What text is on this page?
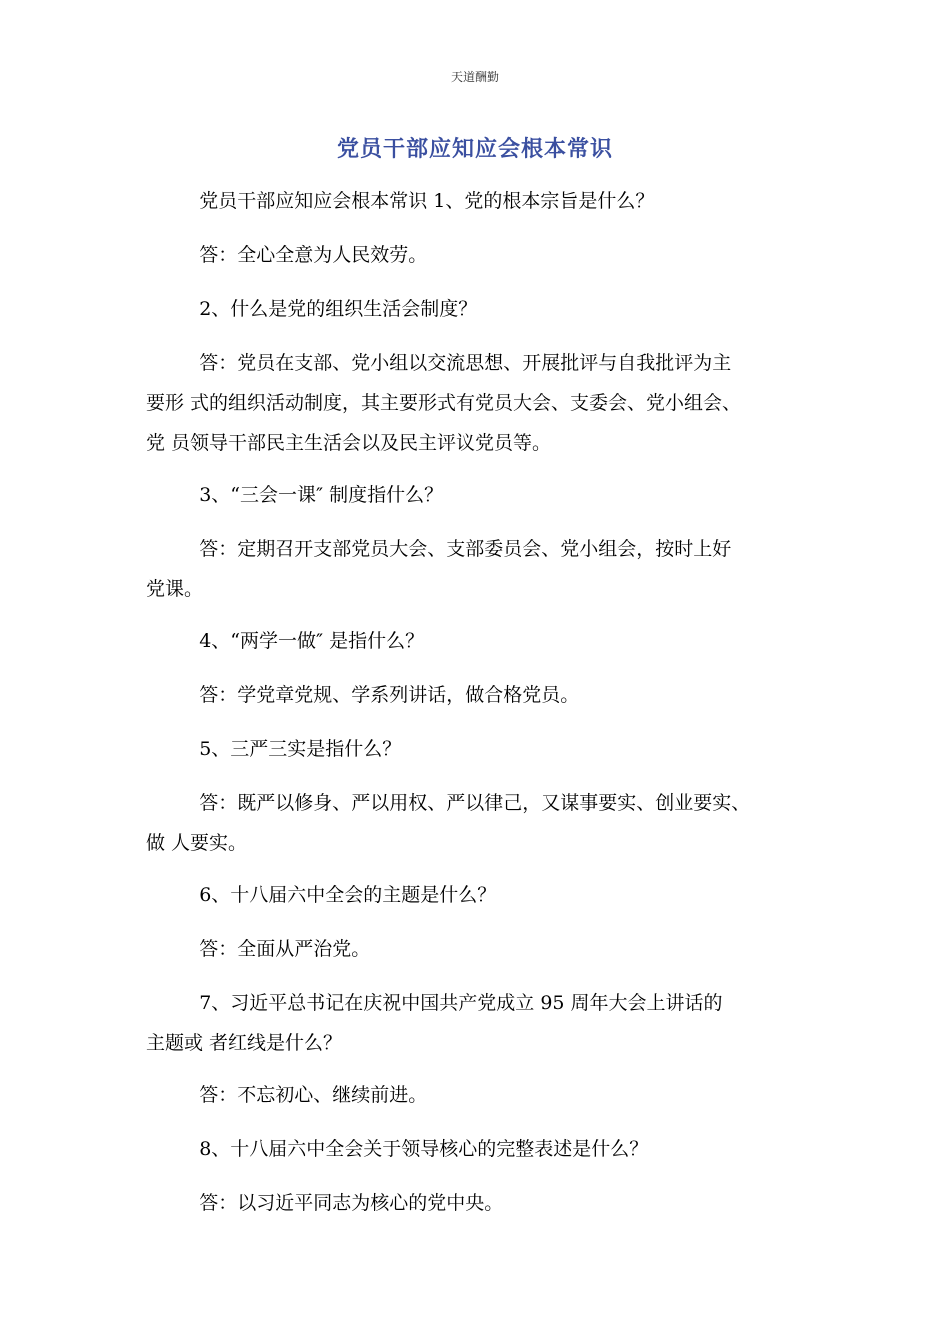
天道酬勤
党员干部应知应会根本常识
党员干部应知应会根本常识 1、党的根本宗旨是什么？
答：全心全意为人民效劳。
2、什么是党的组织生活会制度？
答：党员在支部、党小组以交流思想、开展批评与自我批评为主
要形 式的组织活动制度，其主要形式有党员大会、支委会、党小组会、
党 员领导干部民主生活会以及民主评议党员等。
3、“三会一课″ 制度指什么？
答：定期召开支部党员大会、支部委员会、党小组会，按时上好
党课。
4、“两学一做″ 是指什么？
答：学党章党规、学系列讲话，做合格党员。
5、三严三实是指什么？
答：既严以修身、严以用权、严以律己，又谋事要实、创业要实、
做 人要实。
6、十八届六中全会的主题是什么？
答：全面从严治党。
7、习近平总书记在庆祝中国共产党成立 95 周年大会上讲话的
主题或 者红线是什么？
答：不忘初心、继续前进。
8、十八届六中全会关于领导核心的完整表述是什么？
答：以习近平同志为核心的党中央。
